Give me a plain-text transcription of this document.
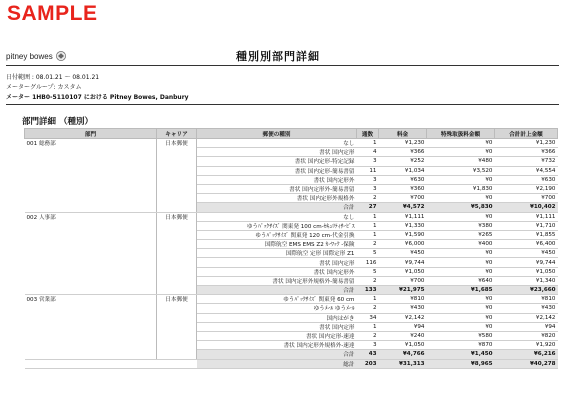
SAMPLE
pitney bowes	種別別部門詳細
日付範囲 : 08.01.21 〜 08.01.21
メーターグループ: カスタム
メーター 1HB0-5110107 における Pitney Bowes, Danbury
部門詳細 （種別）
部門	キャリア	郵便の種別	通数	料金	特殊取扱料金額	合計計上金額
001 総務部	日本郵便	なし	1	¥1,230	¥0	¥1,230
		書状 国内定形	4	¥366	¥0	¥366
		書状 国内定形-特定記録	3	¥252	¥480	¥732
		書状 国内定形-簡易書留	11	¥1,034	¥3,520	¥4,554
		書状 国内定形外	3	¥630	¥0	¥630
		書状 国内定形外-簡易書留	3	¥360	¥1,830	¥2,190
		書状 国内定形外規格外	2	¥700	¥0	¥700
		合計	27	¥4,572	¥5,830	¥10,402
002 人事部	日本郵便	なし	1	¥1,111	¥0	¥1,111
		ゆうﾊﾟｯｸｻｲｽﾞ 関東発 100 cm-ｾｷｭﾘﾃｨｻｰﾋﾞｽ	1	¥1,330	¥380	¥1,710
		ゆうﾊﾟｯｸｻｲｽﾞ 関東発 120 cm-代金引換	1	¥1,590	¥265	¥1,855
		国際航空 EMS EMS Z2 ｶｰﾜｯｸ -保険	2	¥6,000	¥400	¥6,400
		国際航空 定形 国際定形 Z1	5	¥450	¥0	¥450
		書状 国内定形	116	¥9,744	¥0	¥9,744
		書状 国内定形外	5	¥1,050	¥0	¥1,050
		書状 国内定形外規格外-簡易書留	2	¥700	¥640	¥1,340
		合計	133	¥21,975	¥1,685	¥23,660
003 営業部	日本郵便	ゆうﾊﾟｯｸｻｲｽﾞ 関東発 60 cm	1	¥810	¥0	¥810
		ゆうﾒｰﾙ ゆうﾒｰﾙ	2	¥430	¥0	¥430
		国内はがき	34	¥2,142	¥0	¥2,142
		書状 国内定形	1	¥94	¥0	¥94
		書状 国内定形-速達	2	¥240	¥580	¥820
		書状 国内定形外規格外-速達	3	¥1,050	¥870	¥1,920
		合計	43	¥4,766	¥1,450	¥6,216
		総計	203	¥31,313	¥8,965	¥40,278
